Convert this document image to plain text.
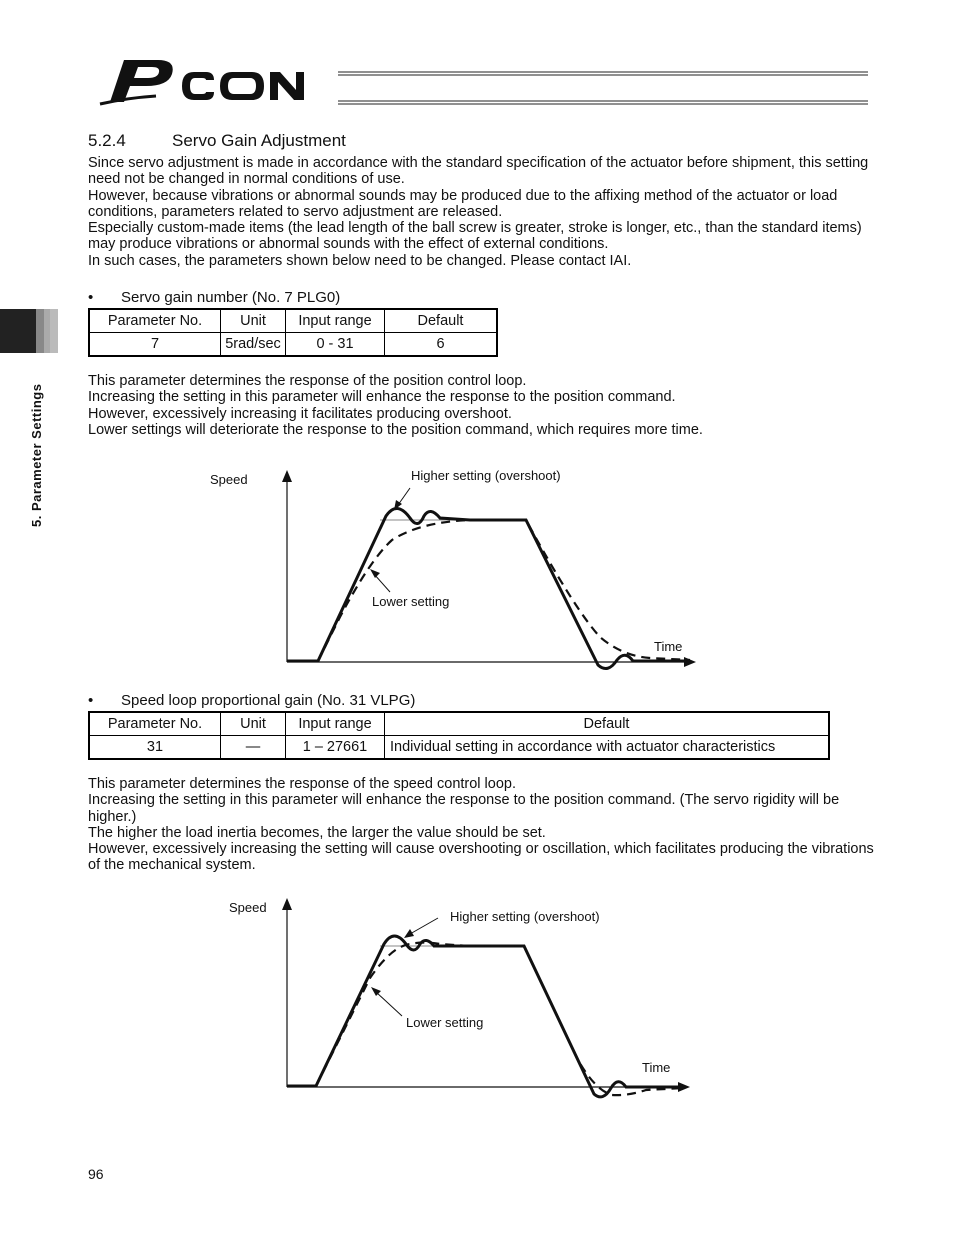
5. Parameter Settings
5.2.4	Servo Gain Adjustment

Since servo adjustment is made in accordance with the standard specification of the actuator before shipment, this setting need not be changed in normal conditions of use.

However, because vibrations or abnormal sounds may be produced due to the affixing method of the actuator or load conditions, parameters related to servo adjustment are released.

Especially custom-made items (the lead length of the ball screw is greater, stroke is longer, etc., than the standard items) may produce vibrations or abnormal sounds with the effect of external conditions.

In such cases, the parameters shown below need to be changed. Please contact IAI.

• Servo gain number (No. 7 PLG0)
Parameter No.	Unit	Input range	Default
7	5rad/sec	0 - 31	6

This parameter determines the response of the position control loop.

Increasing the setting in this parameter will enhance the response to the position command.

However, excessively increasing it facilitates producing overshoot.

Lower settings will deteriorate the response to the position command, which requires more time.

Speed	Higher setting (overshoot)
Lower setting
Time
• Speed loop proportional gain (No. 31 VLPG)
Parameter No.	Unit	Input range	Default
31	—	1 – 27661	Individual setting in accordance with actuator characteristics

This parameter determines the response of the speed control loop.

Increasing the setting in this parameter will enhance the response to the position command. (The servo rigidity will be higher.)

The higher the load inertia becomes, the larger the value should be set.

However, excessively increasing the setting will cause overshooting or oscillation, which facilitates producing the vibrations of the mechanical system.

Speed
Higher setting (overshoot)
Lower setting
Time
96
